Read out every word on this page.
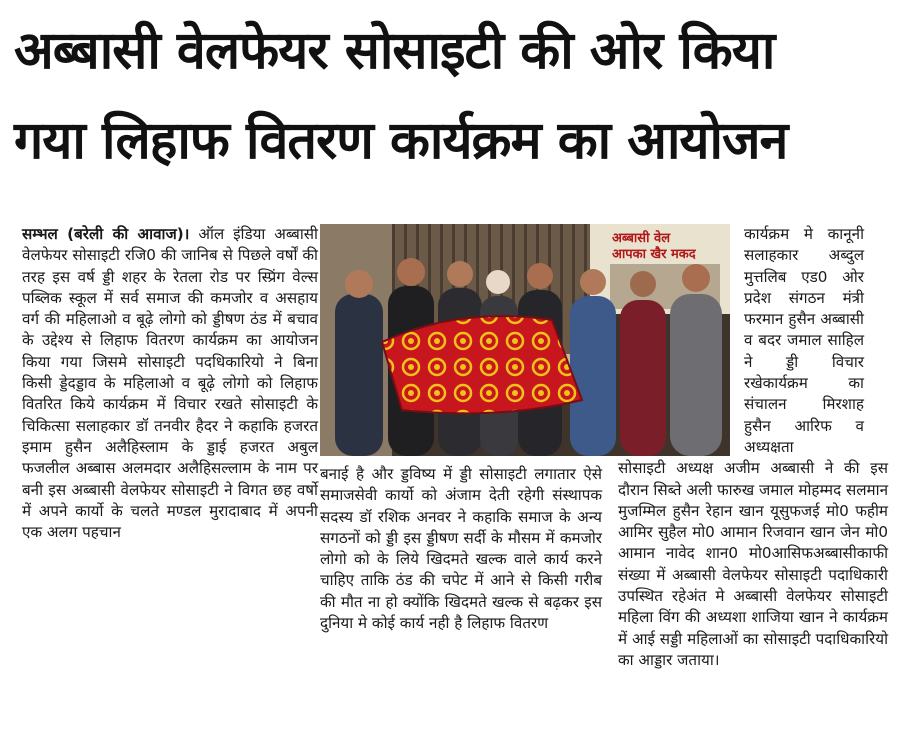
अब्बासी वेलफेयर सोसाइटी की ओर किया
गया लिहाफ वितरण कार्यक्रम का आयोजन

सम्भल (बरेली की आवाज)। ऑल इंडिया अब्बासी वेलफेयर सोसाइटी रजि0 की जानिब से पिछले वर्षों की तरह इस वर्ष ड्डी शहर के रेतला रोड पर स्प्रिंग वेल्स पब्लिक स्कूल में सर्व समाज की कमजोर व असहाय वर्ग की महिलाओ व बूढ़े लोगो को ड्डीषण ठंड में बचाव के उद्देश्य से लिहाफ वितरण कार्यक्रम का आयोजन किया गया जिसमे सोसाइटी पदधिकारियो ने बिना किसी ड्डेदड्डाव के महिलाओ व बूढ़े लोगो को लिहाफ वितरित किये कार्यक्रम में विचार रखते सोसाइटी के चिकित्सा सलाहकार डॉ तनवीर हैदर ने कहाकि हजरत इमाम हुसैन अलैहिस्लाम के ड्डाई हजरत अबुल फजलील अब्बास अलमदार अलैहिसल्लाम के नाम पर बनी इस अब्बासी वेलफेयर सोसाइटी ने विगत छह वर्षो में अपने कार्यो के चलते मण्डल मुरादाबाद में अपनी एक अलग पहचान

अब्बासी वेल
आपका खैर मकद

बनाई है और ड्डविष्य में ड्डी सोसाइटी लगातार ऐसे समाजसेवी कार्यो को अंजाम देती रहेगी संस्थापक सदस्य डॉ रशिक अनवर ने कहाकि समाज के अन्य सगठनों को ड्डी इस ड्डीषण सर्दी के मौसम में कमजोर लोगो को के लिये खिदमते खल्क वाले कार्य करने चाहिए ताकि ठंड की चपेट में आने से किसी गरीब की मौत ना हो क्योंकि खिदमते खल्क से बढ़कर इस दुनिया मे कोई कार्य नही है लिहाफ वितरण

कार्यक्रम मे कानूनी सलाहकार अब्दुल मुत्तलिब एड0 ओर प्रदेश संगठन मंत्री फरमान हुसैन अब्बासी व बदर जमाल साहिल ने ड्डी विचार रखेकार्यक्रम का संचालन मिरशाह हुसैन आरिफ व अध्यक्षता

सोसाइटी अध्यक्ष अजीम अब्बासी ने की इस दौरान सिब्ते अली फारुख जमाल मोहम्मद सलमान मुजम्मिल हुसैन रेहान खान यूसुफजई मो0 फहीम आमिर सुहैल मो0 आमान रिजवान खान जेन मो0 आमान नावेद शान0 मो0आसिफअब्बासीकाफी संख्या में अब्बासी वेलफेयर सोसाइटी पदाधिकारी उपस्थित रहेअंत मे अब्बासी वेलफेयर सोसाइटी महिला विंग की अध्यशा शाजिया खान ने कार्यक्रम में आई सड्डी महिलाओं का सोसाइटी पदाधिकारियो का आड्डार जताया।
